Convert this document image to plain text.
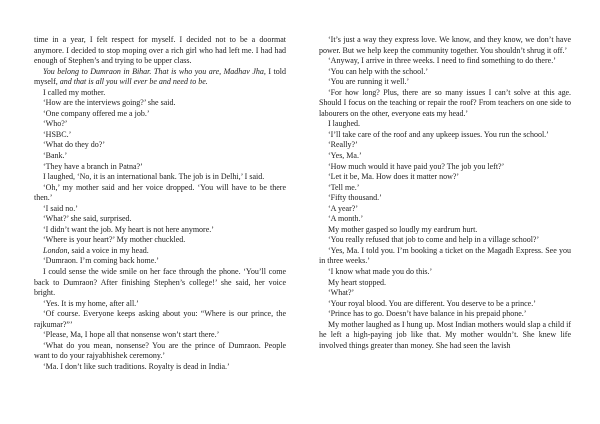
time in a year, I felt respect for myself. I decided not to be a doormat anymore. I decided to stop moping over a rich girl who had left me. I had had enough of Stephen’s and trying to be upper class.

You belong to Dumraon in Bihar. That is who you are, Madhav Jha, I told myself, and that is all you will ever be and need to be.

I called my mother.

‘How are the interviews going?’ she said.

‘One company offered me a job.’

‘Who?’

‘HSBC.’

‘What do they do?’

‘Bank.’

‘They have a branch in Patna?’

I laughed, ‘No, it is an international bank. The job is in Delhi,’ I said.

‘Oh,’ my mother said and her voice dropped. ‘You will have to be there then.’

‘I said no.’

‘What?’ she said, surprised.

‘I didn’t want the job. My heart is not here anymore.’

‘Where is your heart?’ My mother chuckled.

London, said a voice in my head.

‘Dumraon. I’m coming back home.’

I could sense the wide smile on her face through the phone. ‘You’ll come back to Dumraon? After finishing Stephen’s college!’ she said, her voice bright.

‘Yes. It is my home, after all.’

‘Of course. Everyone keeps asking about you: “Where is our prince, the rajkumar?”’

‘Please, Ma, I hope all that nonsense won’t start there.’

‘What do you mean, nonsense? You are the prince of Dumraon. People want to do your rajyabhishek ceremony.’

‘Ma. I don’t like such traditions. Royalty is dead in India.’

‘It’s just a way they express love. We know, and they know, we don’t have power. But we help keep the community together. You shouldn’t shrug it off.’

‘Anyway, I arrive in three weeks. I need to find something to do there.’

‘You can help with the school.’

‘You are running it well.’

‘For how long? Plus, there are so many issues I can’t solve at this age. Should I focus on the teaching or repair the roof? From teachers on one side to labourers on the other, everyone eats my head.’

I laughed.

‘I’ll take care of the roof and any upkeep issues. You run the school.’

‘Really?’

‘Yes, Ma.’

‘How much would it have paid you? The job you left?’

‘Let it be, Ma. How does it matter now?’

‘Tell me.’

‘Fifty thousand.’

‘A year?’

‘A month.’

My mother gasped so loudly my eardrum hurt.

‘You really refused that job to come and help in a village school?’

‘Yes, Ma. I told you. I’m booking a ticket on the Magadh Express. See you in three weeks.’

‘I know what made you do this.’

My heart stopped.

‘What?’

‘Your royal blood. You are different. You deserve to be a prince.’

‘Prince has to go. Doesn’t have balance in his prepaid phone.’

My mother laughed as I hung up. Most Indian mothers would slap a child if he left a high-paying job like that. My mother wouldn’t. She knew life involved things greater than money. She had seen the lavish
